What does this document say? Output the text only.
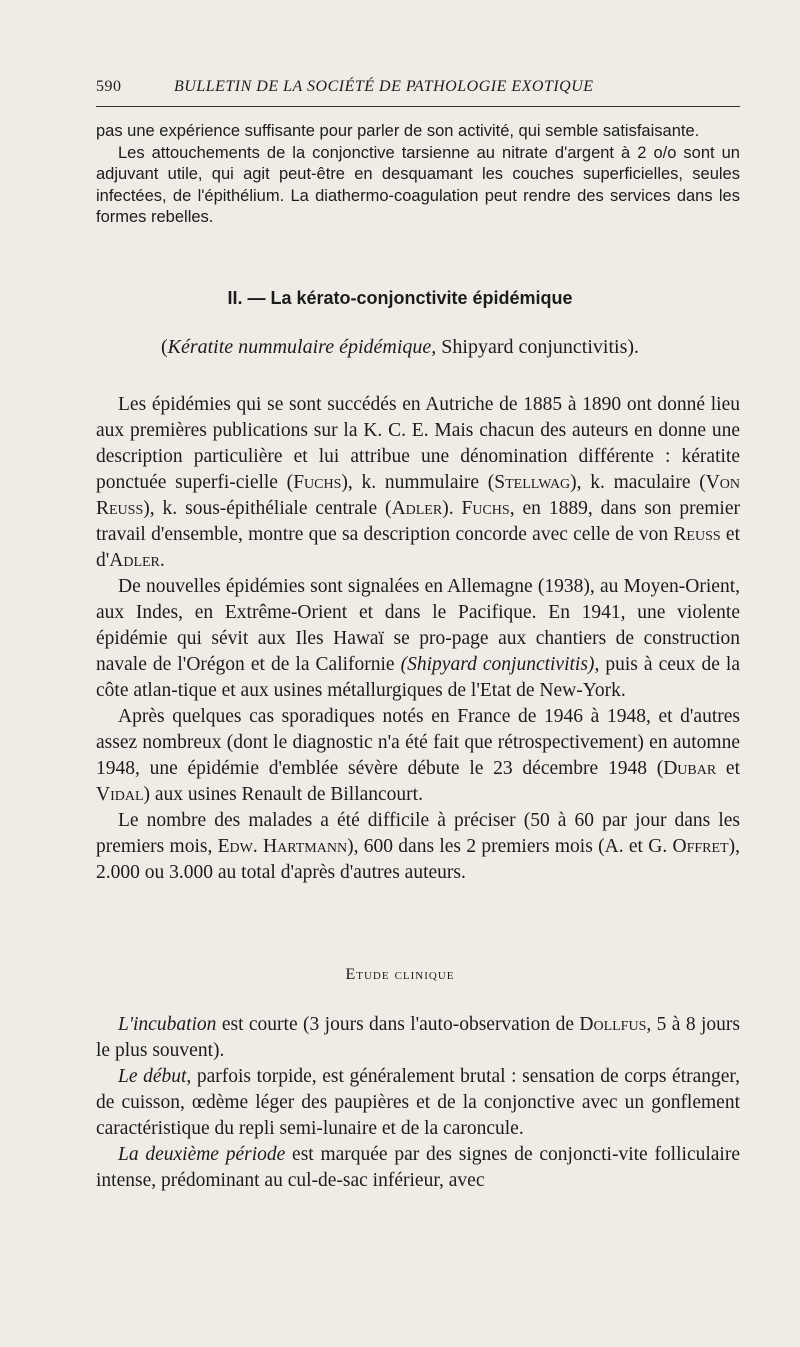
590	BULLETIN DE LA SOCIÉTÉ DE PATHOLOGIE EXOTIQUE

pas une expérience suffisante pour parler de son activité, qui semble satisfaisante.

Les attouchements de la conjonctive tarsienne au nitrate d'argent à 2 o/o sont un adjuvant utile, qui agit peut-être en desquamant les couches superficielles, seules infectées, de l'épithélium. La diathermo-coagulation peut rendre des services dans les formes rebelles.

II. — La kérato-conjonctivite épidémique
(Kératite nummulaire épidémique, Shipyard conjunctivitis).

Les épidémies qui se sont succédés en Autriche de 1885 à 1890 ont donné lieu aux premières publications sur la K. C. E. Mais chacun des auteurs en donne une description particulière et lui attribue une dénomination différente : kératite ponctuée superfi-cielle (Fuchs), k. nummulaire (Stellwag), k. maculaire (Von Reuss), k. sous-épithéliale centrale (Adler). Fuchs, en 1889, dans son premier travail d'ensemble, montre que sa description concorde avec celle de von Reuss et d'Adler.

De nouvelles épidémies sont signalées en Allemagne (1938), au Moyen-Orient, aux Indes, en Extrême-Orient et dans le Pacifique. En 1941, une violente épidémie qui sévit aux Iles Hawaï se pro-page aux chantiers de construction navale de l'Orégon et de la Californie (Shipyard conjunctivitis), puis à ceux de la côte atlan-tique et aux usines métallurgiques de l'Etat de New-York.

Après quelques cas sporadiques notés en France de 1946 à 1948, et d'autres assez nombreux (dont le diagnostic n'a été fait que rétrospectivement) en automne 1948, une épidémie d'emblée sévère débute le 23 décembre 1948 (Dubar et Vidal) aux usines Renault de Billancourt.

Le nombre des malades a été difficile à préciser (50 à 60 par jour dans les premiers mois, Edw. Hartmann), 600 dans les 2 premiers mois (A. et G. Offret), 2.000 ou 3.000 au total d'après d'autres auteurs.

Etude clinique

L'incubation est courte (3 jours dans l'auto-observation de Dollfus, 5 à 8 jours le plus souvent).

Le début, parfois torpide, est généralement brutal : sensation de corps étranger, de cuisson, œdème léger des paupières et de la conjonctive avec un gonflement caractéristique du repli semi-lunaire et de la caroncule.

La deuxième période est marquée par des signes de conjoncti-vite folliculaire intense, prédominant au cul-de-sac inférieur, avec
